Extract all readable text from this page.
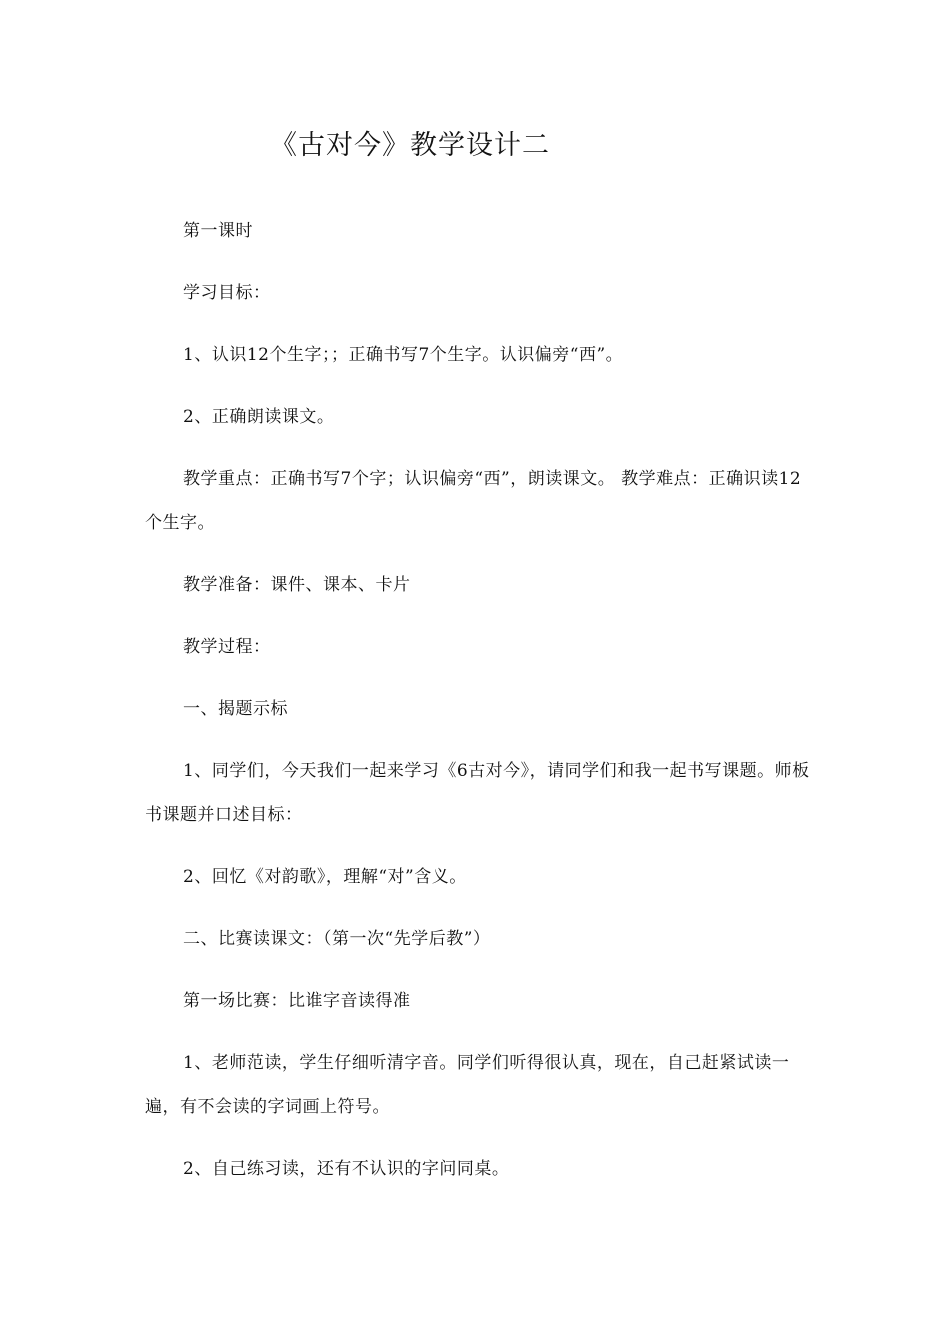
《古对今》教学设计二

第一课时

学习目标：

1、认识12个生字；；正确书写7个生字。认识偏旁“西”。

2、正确朗读课文。

教学重点：正确书写7个字；认识偏旁“西”，朗读课文。 教学难点：正确识读12个生字。

教学准备：课件、课本、卡片

教学过程：

一、揭题示标

1、同学们，今天我们一起来学习《6古对今》，请同学们和我一起书写课题。师板书课题并口述目标：

2、回忆《对韵歌》，理解“对”含义。

二、比赛读课文：（第一次“先学后教”）

第一场比赛：比谁字音读得准

1、老师范读，学生仔细听清字音。同学们听得很认真，现在，自己赶紧试读一遍，有不会读的字词画上符号。

2、自己练习读，还有不认识的字问同桌。
